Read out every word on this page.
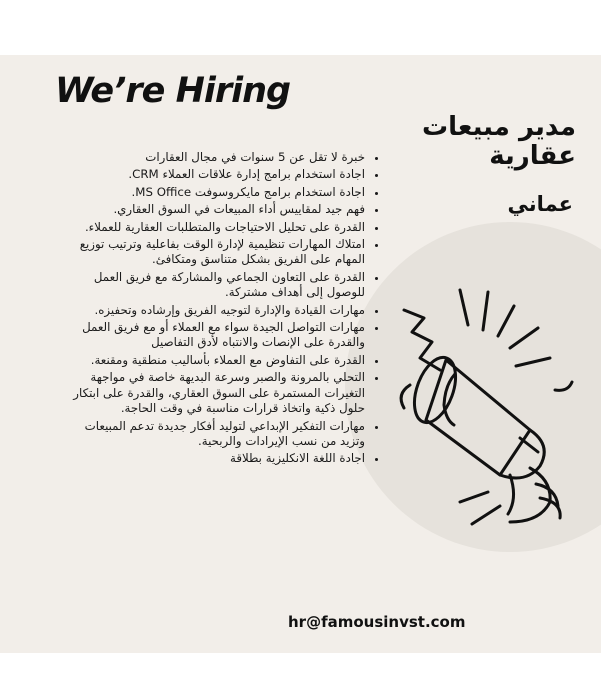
We’re Hiring
مدير مبيعات عقارية
عماني
• خبرة لا تقل عن 5 سنوات في مجال العقارات
• اجادة استخدام برامج إدارة علاقات العملاء CRM.
• اجادة استخدام برامج مايكروسوفت MS Office.
• فهم جيد لمقاييس أداء المبيعات في السوق العقاري.
• القدرة على تحليل الاحتياجات والمتطلبات العقارية للعملاء.
• امتلاك المهارات تنظيمية لإدارة الوقت بفاعلية وترتيب توزيع المهام على الفريق بشكل متناسق ومتكافئ.
• القدرة على التعاون الجماعي والمشاركة مع فريق العمل للوصول إلى أهداف مشتركة.
• مهارات القيادة والإدارة لتوجيه الفريق وإرشاده وتحفيزه.
• مهارات التواصل الجيدة سواء مع العملاء أو مع فريق العمل والقدرة على الإنصات والانتباه لأدق التفاصيل
• القدرة على التفاوض مع العملاء بأساليب منطقية ومقنعة.
• التحلي بالمرونة والصبر وسرعة البديهة خاصة في مواجهة التغيرات المستمرة على السوق العقاري، والقدرة على ابتكار حلول ذكية واتخاذ قرارات مناسبة في وقت الحاجة.
• مهارات التفكير الإبداعي لتوليد أفكار جديدة تدعم المبيعات وتزيد من نسب الإيرادات والربحية.
• اجادة اللغة الانكليزية بطلاقة
hr@famousinvst.com
